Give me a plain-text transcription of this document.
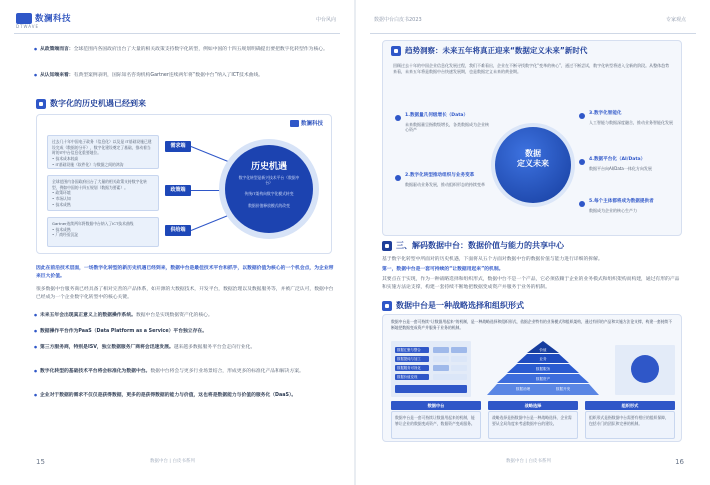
数澜科技
DTWAVE
中台风向
● 从政策端而言：全球范围内各国政府出台了大量的相关政策支持数字化转型，例如中国的十四五规划明确提出要把数字化转型作为核心。
● 从认知端来看：有典型案例表明，国际知名咨询机构Gartner连续两年将“数据中台”纳入了ICT技术曲线。
数字化的历史机遇已经到来
数澜科技
过去几十年中国电子政务（信息化）以及是 IT基础设施已建设完成（数据的分开），数字化建设奠定了基础，推动着当时的IT中台信息化重要地位。
• 技术成本较高
• IT基础设施（软件化）与数据之间的鸿沟
全球范围内各国政府出台了大量的相关政策支持数字化转型，例如中国的十四五规划（数据为要素）。
• 政策环境
• 市场认知
• 技术成熟
Gartner连续两年将数据中台纳入了ICT技术曲线
• 技术成熟
• 厂商经验沉淀
需求端
政策端
供给端
历史机遇
数字化转型是新兴技术平台（数据中台）
传统IT架构向数字化模式转变
数据价值释放模式的改变
因此在前沿技术层面，一场数字化转型的新历史机遇已经到来，数据中台是最佳技术平台和抓手，以数据价值为核心的一个机会点，为企业带来巨大价值。
很多数据中台服务商已经具备了相对完善的产品体系，如开源的大数据技术，开发平台，数据治理以及数据服务等，并被广泛认可，数据中台已经成为一个企业数字化转型中的核心关键。
● 未来五年会出现真正意义上的数据操作系统。数据中台是实现数据资产化的核心。
● 数据操作平台作为PaaS（Data Platform as a Service）平台独立存在。
● 第三方服务商，特别是ISV，独立数据服务厂商将会迅速发展。越来越多数据服务平台会走向行业化。
● 数字化转型的基础技术平台将会标准化为数据中台。数据中台将会与更多行业场景结合，形成更多的标准化产品和解决方案。
● 企业对于数据的需求不仅仅是获得数据，更多的是获得数据的能力与价值，这也将是数据能力与价值的服务化（DaaS）。
15	数据中台 | 白皮书系列
数据中台白皮书2023	专家观点
趋势洞察：未来五年将真正迎来“数据定义未来”新时代
回顾过去十年的中国企业信息化发展过程，我们不难看出，企业在不断寻找数字化“变革的核心”，通过不断尝试，数字化转型将进入全新的阶段。从整体趋势来看，未来五年将是数据中台快速发展期，也是数据定义未来的黄金期。
数据
定义未来
1.数据量几何级增长（Data）
未来数据量呈指数级增长，各类数据成为企业核心资产
2.数字化转型推动组织与业务变革
数据驱动业务发展，推动组织形态的持续变革
3.数字化智能化
人工智能与数据深度融合，推动业务智能化发展
4.数据平台化（AI/Data）
数据平台向AI/Data一体化方向发展
5.每个主体都将成为数据提供者
数据成为企业的核心生产力
三、解码数据中台：数据价值与能力的共享中心
基于数字化转型中所面对的历史机遇，下面将从五个方面对数据中台的数据价值与能力进行详细的拆解。
第一，数据中台是一套可持续的“让数据用起来”的机制。
其要点在于实现，作为一种战略选择和组织形式，数据中台不是一个产品，它必须依赖于企业的业务模式和组织架构而构建，通过有形的产品和实施方法论支撑，构建一套持续不断地把数据变成资产并服务于业务的机制。
数据中台是一种战略选择和组织形式
数据中台是一套可持续“让数据用起来”的机制，是一种战略选择和组织形式，依据企业特有的业务模式和组织架构，通过有形的产品和实施方法论支撑，构建一套持续不断地把数据变成资产并服务于业务的机制。
数据汇聚与整合
数据提纯与加工
数据服务可视化
数据价值变现
价值
业务
数据服务
数据资产
数据治理	数据开发
数据中台	战略选择	组织形式
数据中台是一套可持续让数据用起来的机制，能够让企业的数据变成资产，数据资产变成服务。
战略选择是指数据中台是一种战略选择，企业需要从全局角度来考虑数据中台的建设。
组织形式是指数据中台需要有相应的组织保障，包括专门的团队和完善的机制。
数据中台 | 白皮书系列	16
